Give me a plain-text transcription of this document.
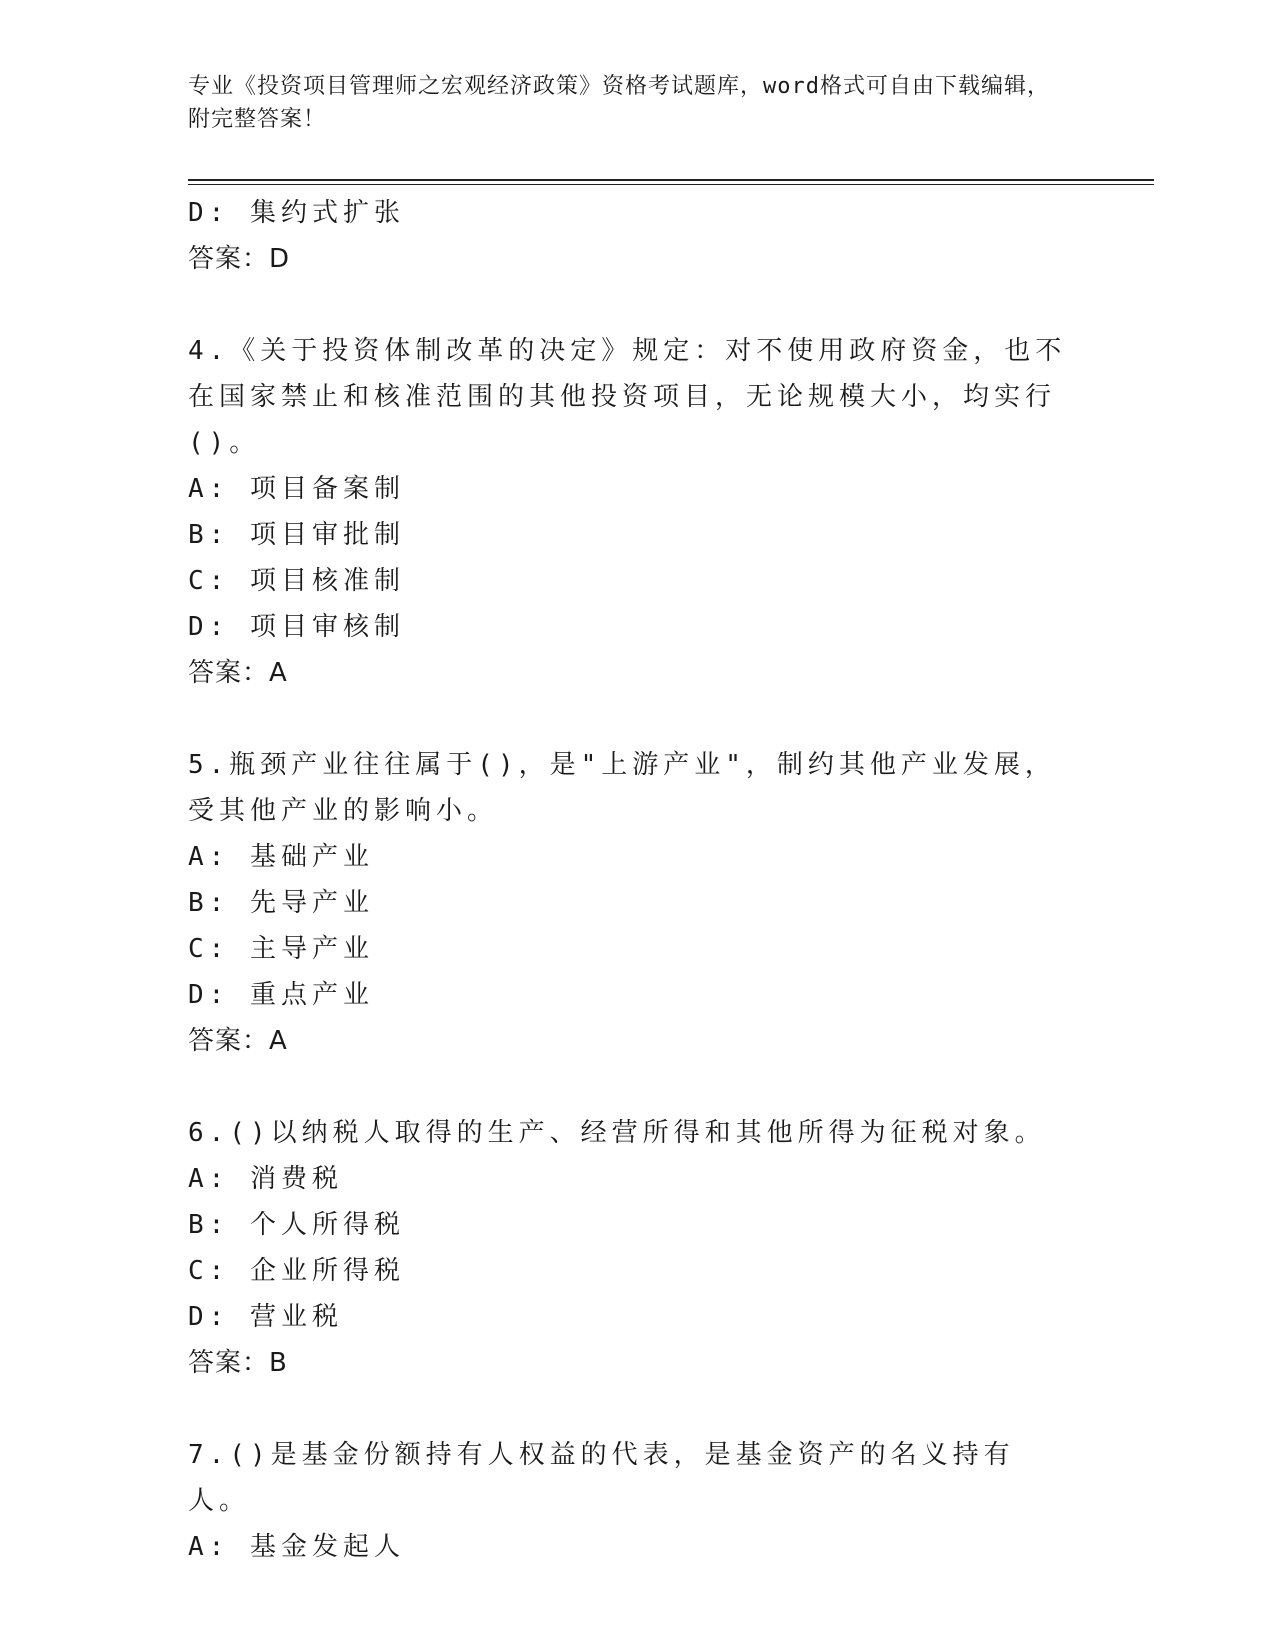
专业《投资项目管理师之宏观经济政策》资格考试题库，word格式可自由下载编辑，附完整答案！
D: 集约式扩张
答案：D
4.《关于投资体制改革的决定》规定：对不使用政府资金，也不在国家禁止和核准范围的其他投资项目，无论规模大小，均实行()。
A: 项目备案制
B: 项目审批制
C: 项目核准制
D: 项目审核制
答案：A
5.瓶颈产业往往属于()，是"上游产业"，制约其他产业发展，受其他产业的影响小。
A: 基础产业
B: 先导产业
C: 主导产业
D: 重点产业
答案：A
6.()以纳税人取得的生产、经营所得和其他所得为征税对象。
A: 消费税
B: 个人所得税
C: 企业所得税
D: 营业税
答案：B
7.()是基金份额持有人权益的代表，是基金资产的名义持有人。
A: 基金发起人
